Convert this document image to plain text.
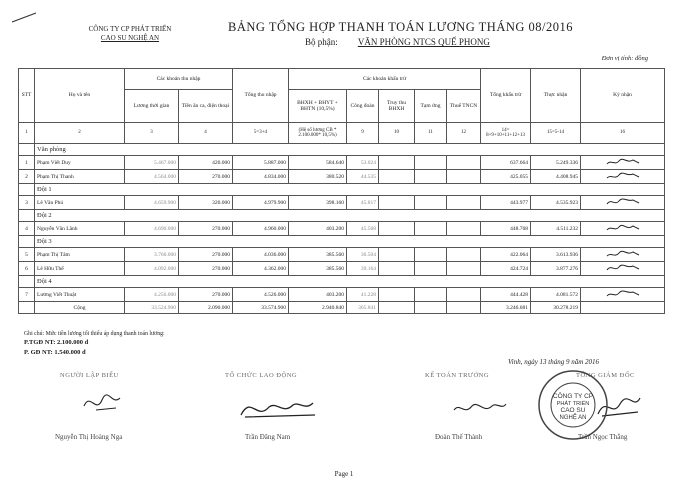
CÔNG TY CP PHÁT TRIỂN
CAO SU NGHỆ AN
BẢNG TỔNG HỢP THANH TOÁN LƯƠNG THÁNG 08/2016
Bộ phận: VĂN PHÒNG NTCS QUẾ PHONG
Đơn vị tính: đồng
STT	Họ và tên	Các khoản thu nhập		Tổng thu nhập	Các khoản khấu trừ					Tổng khấu trừ	Thực nhận	Ký nhận
		Lương thời gian	Tiền ăn ca, điện thoại		BHXH + BHYT + BHTN (10,5%)	Công đoàn	Truy thu BHXH	Tạm ứng	Thuế TNCN			
1	2	3	4	5=3+4	(Hệ số lương CB * 2.100.000* 10,5%)	9	10	11	12	14= 8+9+10+11+12+13	15=5-14	16
	Văn phòng											
1	Phạm Viết Duy	5.467.000	420.000	5.887.000	584.640	53.024				637.664	5.249.336	
2	Phạm Thị Thanh	4.564.000	270.000	4.834.000	380.520	44.535				425.055	4.408.945	
	Đội 1											
3	Lê Văn Phú	4.659.900	320.000	4.979.900	398.160	45.817				443.977	4.535.923	
	Đội 2											
4	Nguyễn Văn Lãnh	4.690.000	270.000	4.960.000	403.200	45.568				448.768	4.511.232	
	Đội 3											
5	Phạm Thị Tâm	3.766.000	270.000	4.036.000	385.560	36.504				422.064	3.613.936	
6	Lê Hữu Thể	4.092.000	270.000	4.362.000	385.560	39.164				424.724	3.877.276	
	Đội 4											
7	Lương Viết Thuật	4.256.000	270.000	4.526.000	403.200	41.228				444.428	4.081.572	
	Cộng	33.524.900	2.090.000	33.574.900	2.940.840	305.841				3.246.681	30.278.219	
Ghi chú: Mức tiền lương tối thiểu áp dụng thanh toán lương:
P.TGĐ NT: 2.100.000 đ
P. GĐ NT: 1.540.000 đ
Vinh, ngày 13 tháng 9 năm 2016
NGƯỜI LẬP BIỂU	TỔ CHỨC LAO ĐỘNG	KẾ TOÁN TRƯỞNG	TỔNG GIÁM ĐỐC
CÔNG TY CP
PHÁT TRIỂN
CAO SU
NGHỆ AN
Nguyễn Thị Hoàng Nga	Trần Đăng Nam	Đoàn Thế Thành	Trần Ngọc Thắng
Page 1
